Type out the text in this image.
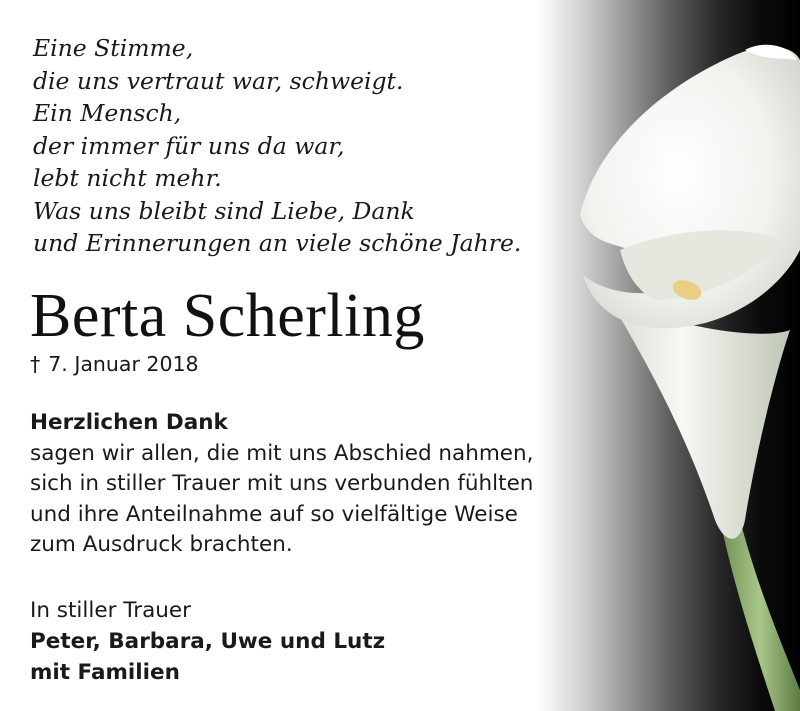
Eine Stimme,
die uns vertraut war, schweigt.
Ein Mensch,
der immer für uns da war,
lebt nicht mehr.
Was uns bleibt sind Liebe, Dank
und Erinnerungen an viele schöne Jahre.
Berta Scherling
† 7. Januar 2018
Herzlichen Dank
sagen wir allen, die mit uns Abschied nahmen,
sich in stiller Trauer mit uns verbunden fühlten
und ihre Anteilnahme auf so vielfältige Weise
zum Ausdruck brachten.
In stiller Trauer
Peter, Barbara, Uwe und Lutz
mit Familien
